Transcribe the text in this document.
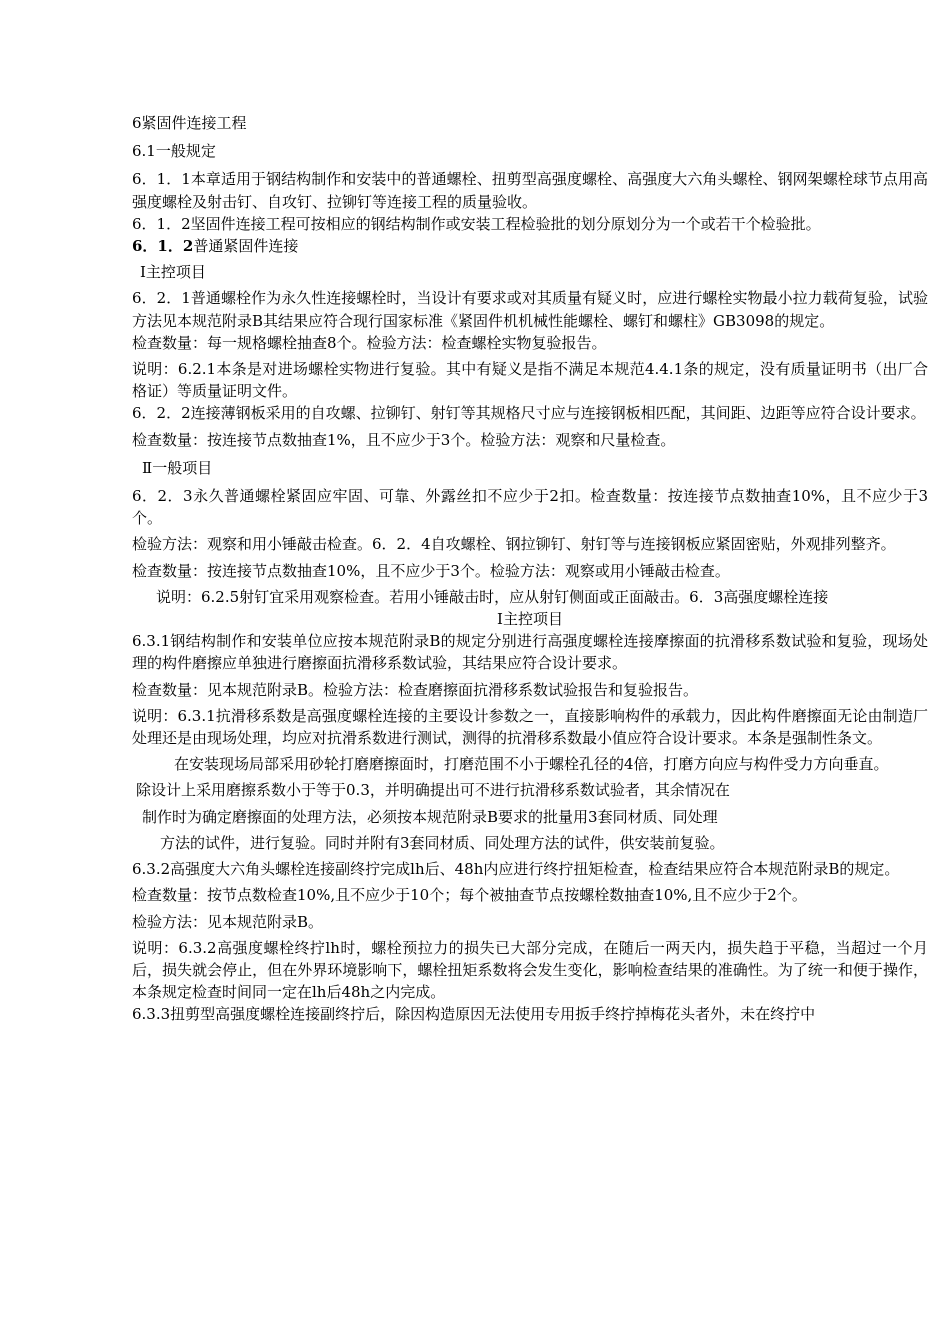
6紧固件连接工程

6.1一般规定

6．1．1本章适用于钢结构制作和安装中的普通螺栓、扭剪型高强度螺栓、高强度大六角头螺栓、钢网架螺栓球节点用高强度螺栓及射击钉、自攻钉、拉铆钉等连接工程的质量验收。

6．1．2坚固件连接工程可按相应的钢结构制作或安装工程检验批的划分原划分为一个或若干个检验批。

6．1．2普通紧固件连接

Ⅰ主控项目

6．2．1普通螺栓作为永久性连接螺栓时，当设计有要求或对其质量有疑义时，应进行螺栓实物最小拉力载荷复验，试验方法见本规范附录B其结果应符合现行国家标准《紧固件机机械性能螺栓、螺钉和螺柱》GB3098的规定。

检查数量：每一规格螺栓抽查8个。检验方法：检查螺栓实物复验报告。

说明：6.2.1本条是对进场螺栓实物进行复验。其中有疑义是指不满足本规范4.4.1条的规定，没有质量证明书（出厂合格证）等质量证明文件。

6．2．2连接薄钢板采用的自攻螺、拉铆钉、射钉等其规格尺寸应与连接钢板相匹配，其间距、边距等应符合设计要求。

检查数量：按连接节点数抽查1%，且不应少于3个。检验方法：观察和尺量检查。

Ⅱ一般项目

6．2．3永久普通螺栓紧固应牢固、可靠、外露丝扣不应少于2扣。检查数量：按连接节点数抽查10%，且不应少于3个。

检验方法：观察和用小锤敲击检查。6．2．4自攻螺栓、钢拉铆钉、射钉等与连接钢板应紧固密贴，外观排列整齐。

检查数量：按连接节点数抽查10%，且不应少于3个。检验方法：观察或用小锤敲击检查。

说明：6.2.5射钉宜采用观察检查。若用小锤敲击时，应从射钉侧面或正面敲击。6．3高强度螺栓连接

Ⅰ主控项目

6.3.1钢结构制作和安装单位应按本规范附录B的规定分别进行高强度螺栓连接摩擦面的抗滑移系数试验和复验，现场处理的构件磨擦应单独进行磨擦面抗滑移系数试验，其结果应符合设计要求。

检查数量：见本规范附录B。检验方法：检查磨擦面抗滑移系数试验报告和复验报告。

说明：6.3.1抗滑移系数是高强度螺栓连接的主要设计参数之一，直接影响构件的承载力，因此构件磨擦面无论由制造厂处理还是由现场处理，均应对抗滑系数进行测试，测得的抗滑移系数最小值应符合设计要求。本条是强制性条文。

在安装现场局部采用砂轮打磨磨擦面时，打磨范围不小于螺栓孔径的4倍，打磨方向应与构件受力方向垂直。

除设计上采用磨擦系数小于等于0.3，并明确提出可不进行抗滑移系数试验者，其余情况在

制作时为确定磨擦面的处理方法，必须按本规范附录B要求的批量用3套同材质、同处理

方法的试件，进行复验。同时并附有3套同材质、同处理方法的试件，供安装前复验。

6.3.2高强度大六角头螺栓连接副终拧完成lh后、48h内应进行终拧扭矩检查，检查结果应符合本规范附录B的规定。

检查数量：按节点数检查10%,且不应少于10个；每个被抽查节点按螺栓数抽查10%,且不应少于2个。

检验方法：见本规范附录B。

说明：6.3.2高强度螺栓终拧lh时，螺栓预拉力的损失已大部分完成，在随后一两天内，损失趋于平稳，当超过一个月后，损失就会停止，但在外界环境影响下，螺栓扭矩系数将会发生变化，影响检查结果的准确性。为了统一和便于操作，本条规定检查时间同一定在lh后48h之内完成。

6.3.3扭剪型高强度螺栓连接副终拧后，除因构造原因无法使用专用扳手终拧掉梅花头者外，未在终拧中
